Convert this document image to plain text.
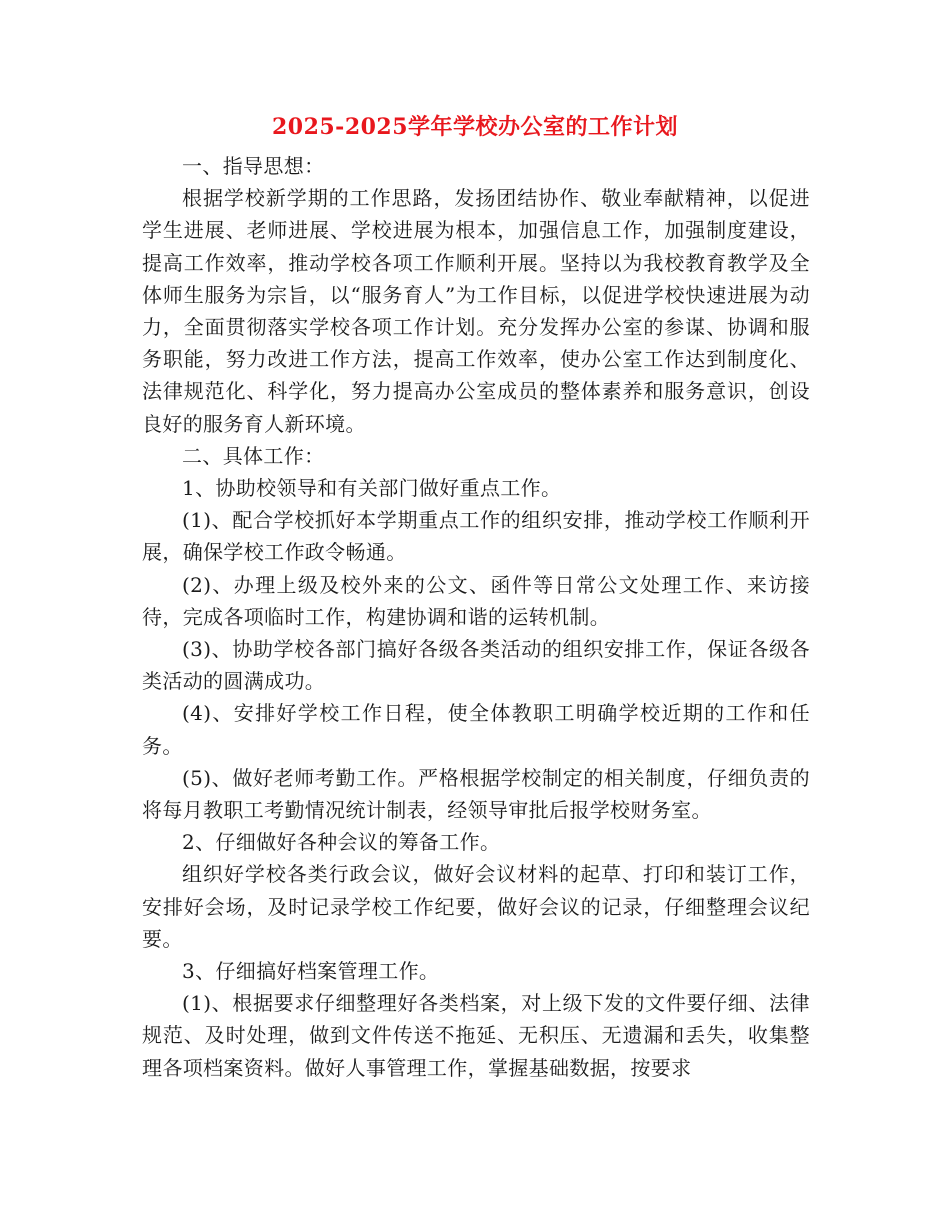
2025-2025学年学校办公室的工作计划

一、指导思想：

根据学校新学期的工作思路，发扬团结协作、敬业奉献精神，以促进学生进展、老师进展、学校进展为根本，加强信息工作，加强制度建设，提高工作效率，推动学校各项工作顺利开展。坚持以为我校教育教学及全体师生服务为宗旨，以“服务育人”为工作目标，以促进学校快速进展为动力，全面贯彻落实学校各项工作计划。充分发挥办公室的参谋、协调和服务职能，努力改进工作方法，提高工作效率，使办公室工作达到制度化、法律规范化、科学化，努力提高办公室成员的整体素养和服务意识，创设良好的服务育人新环境。

二、具体工作：

1、协助校领导和有关部门做好重点工作。

(1)、配合学校抓好本学期重点工作的组织安排，推动学校工作顺利开展，确保学校工作政令畅通。

(2)、办理上级及校外来的公文、函件等日常公文处理工作、来访接待，完成各项临时工作，构建协调和谐的运转机制。

(3)、协助学校各部门搞好各级各类活动的组织安排工作，保证各级各类活动的圆满成功。

(4)、安排好学校工作日程，使全体教职工明确学校近期的工作和任务。

(5)、做好老师考勤工作。严格根据学校制定的相关制度，仔细负责的将每月教职工考勤情况统计制表，经领导审批后报学校财务室。

2、仔细做好各种会议的筹备工作。

组织好学校各类行政会议，做好会议材料的起草、打印和装订工作，安排好会场，及时记录学校工作纪要，做好会议的记录，仔细整理会议纪要。

3、仔细搞好档案管理工作。

(1)、根据要求仔细整理好各类档案，对上级下发的文件要仔细、法律规范、及时处理，做到文件传送不拖延、无积压、无遗漏和丢失，收集整理各项档案资料。做好人事管理工作，掌握基础数据，按要求
